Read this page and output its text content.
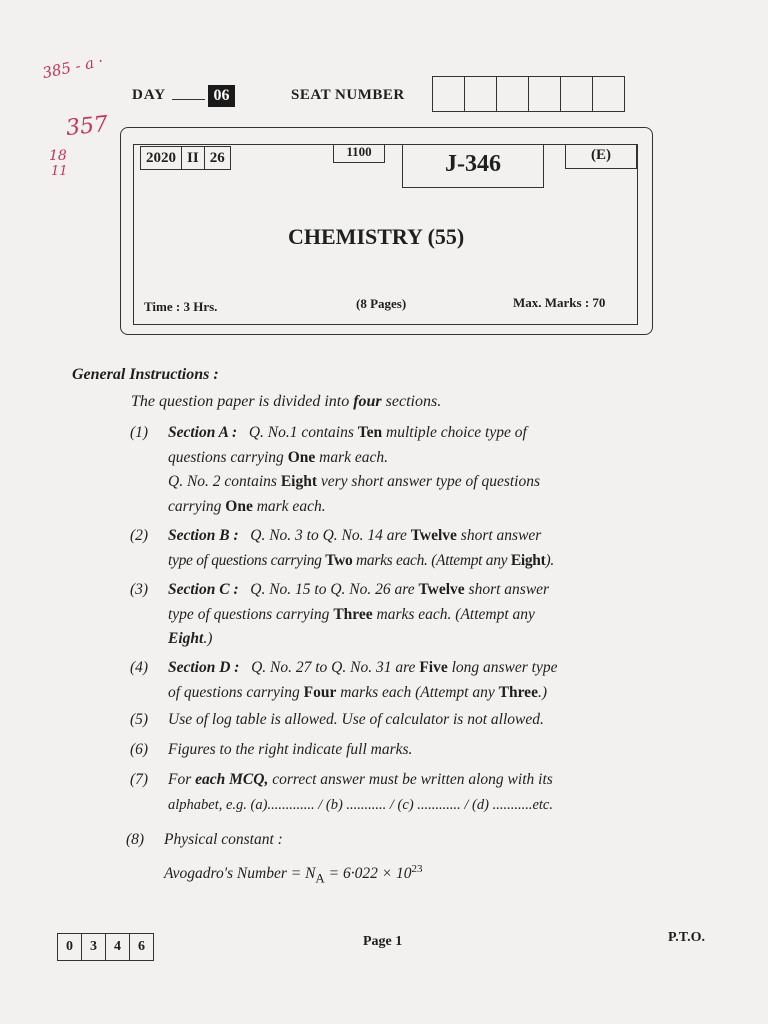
385 - a ·
357
18
11
DAY	06	SEAT NUMBER
2020 II 26	1100	J-346	(E)
CHEMISTRY (55)
Time : 3 Hrs.	(8 Pages)	Max. Marks : 70
General Instructions :
The question paper is divided into four sections.
(1) Section A : Q. No.1 contains Ten multiple choice type of
questions carrying One mark each.
Q. No. 2 contains Eight very short answer type of questions
carrying One mark each.
(2) Section B : Q. No. 3 to Q. No. 14 are Twelve short answer
type of questions carrying Two marks each. (Attempt any Eight).
(3) Section C : Q. No. 15 to Q. No. 26 are Twelve short answer
type of questions carrying Three marks each. (Attempt any
Eight.)
(4) Section D : Q. No. 27 to Q. No. 31 are Five long answer type
of questions carrying Four marks each (Attempt any Three.)
(5) Use of log table is allowed. Use of calculator is not allowed.
(6) Figures to the right indicate full marks.
(7) For each MCQ, correct answer must be written along with its
alphabet, e.g. (a)............. / (b) ........... / (c) ............ / (d) ...........etc.
(8) Physical constant :
Avogadro's Number = $N_A = 6\cdot 022 \times 10^{23}$
0	3	4	6	Page 1	P.T.O.
